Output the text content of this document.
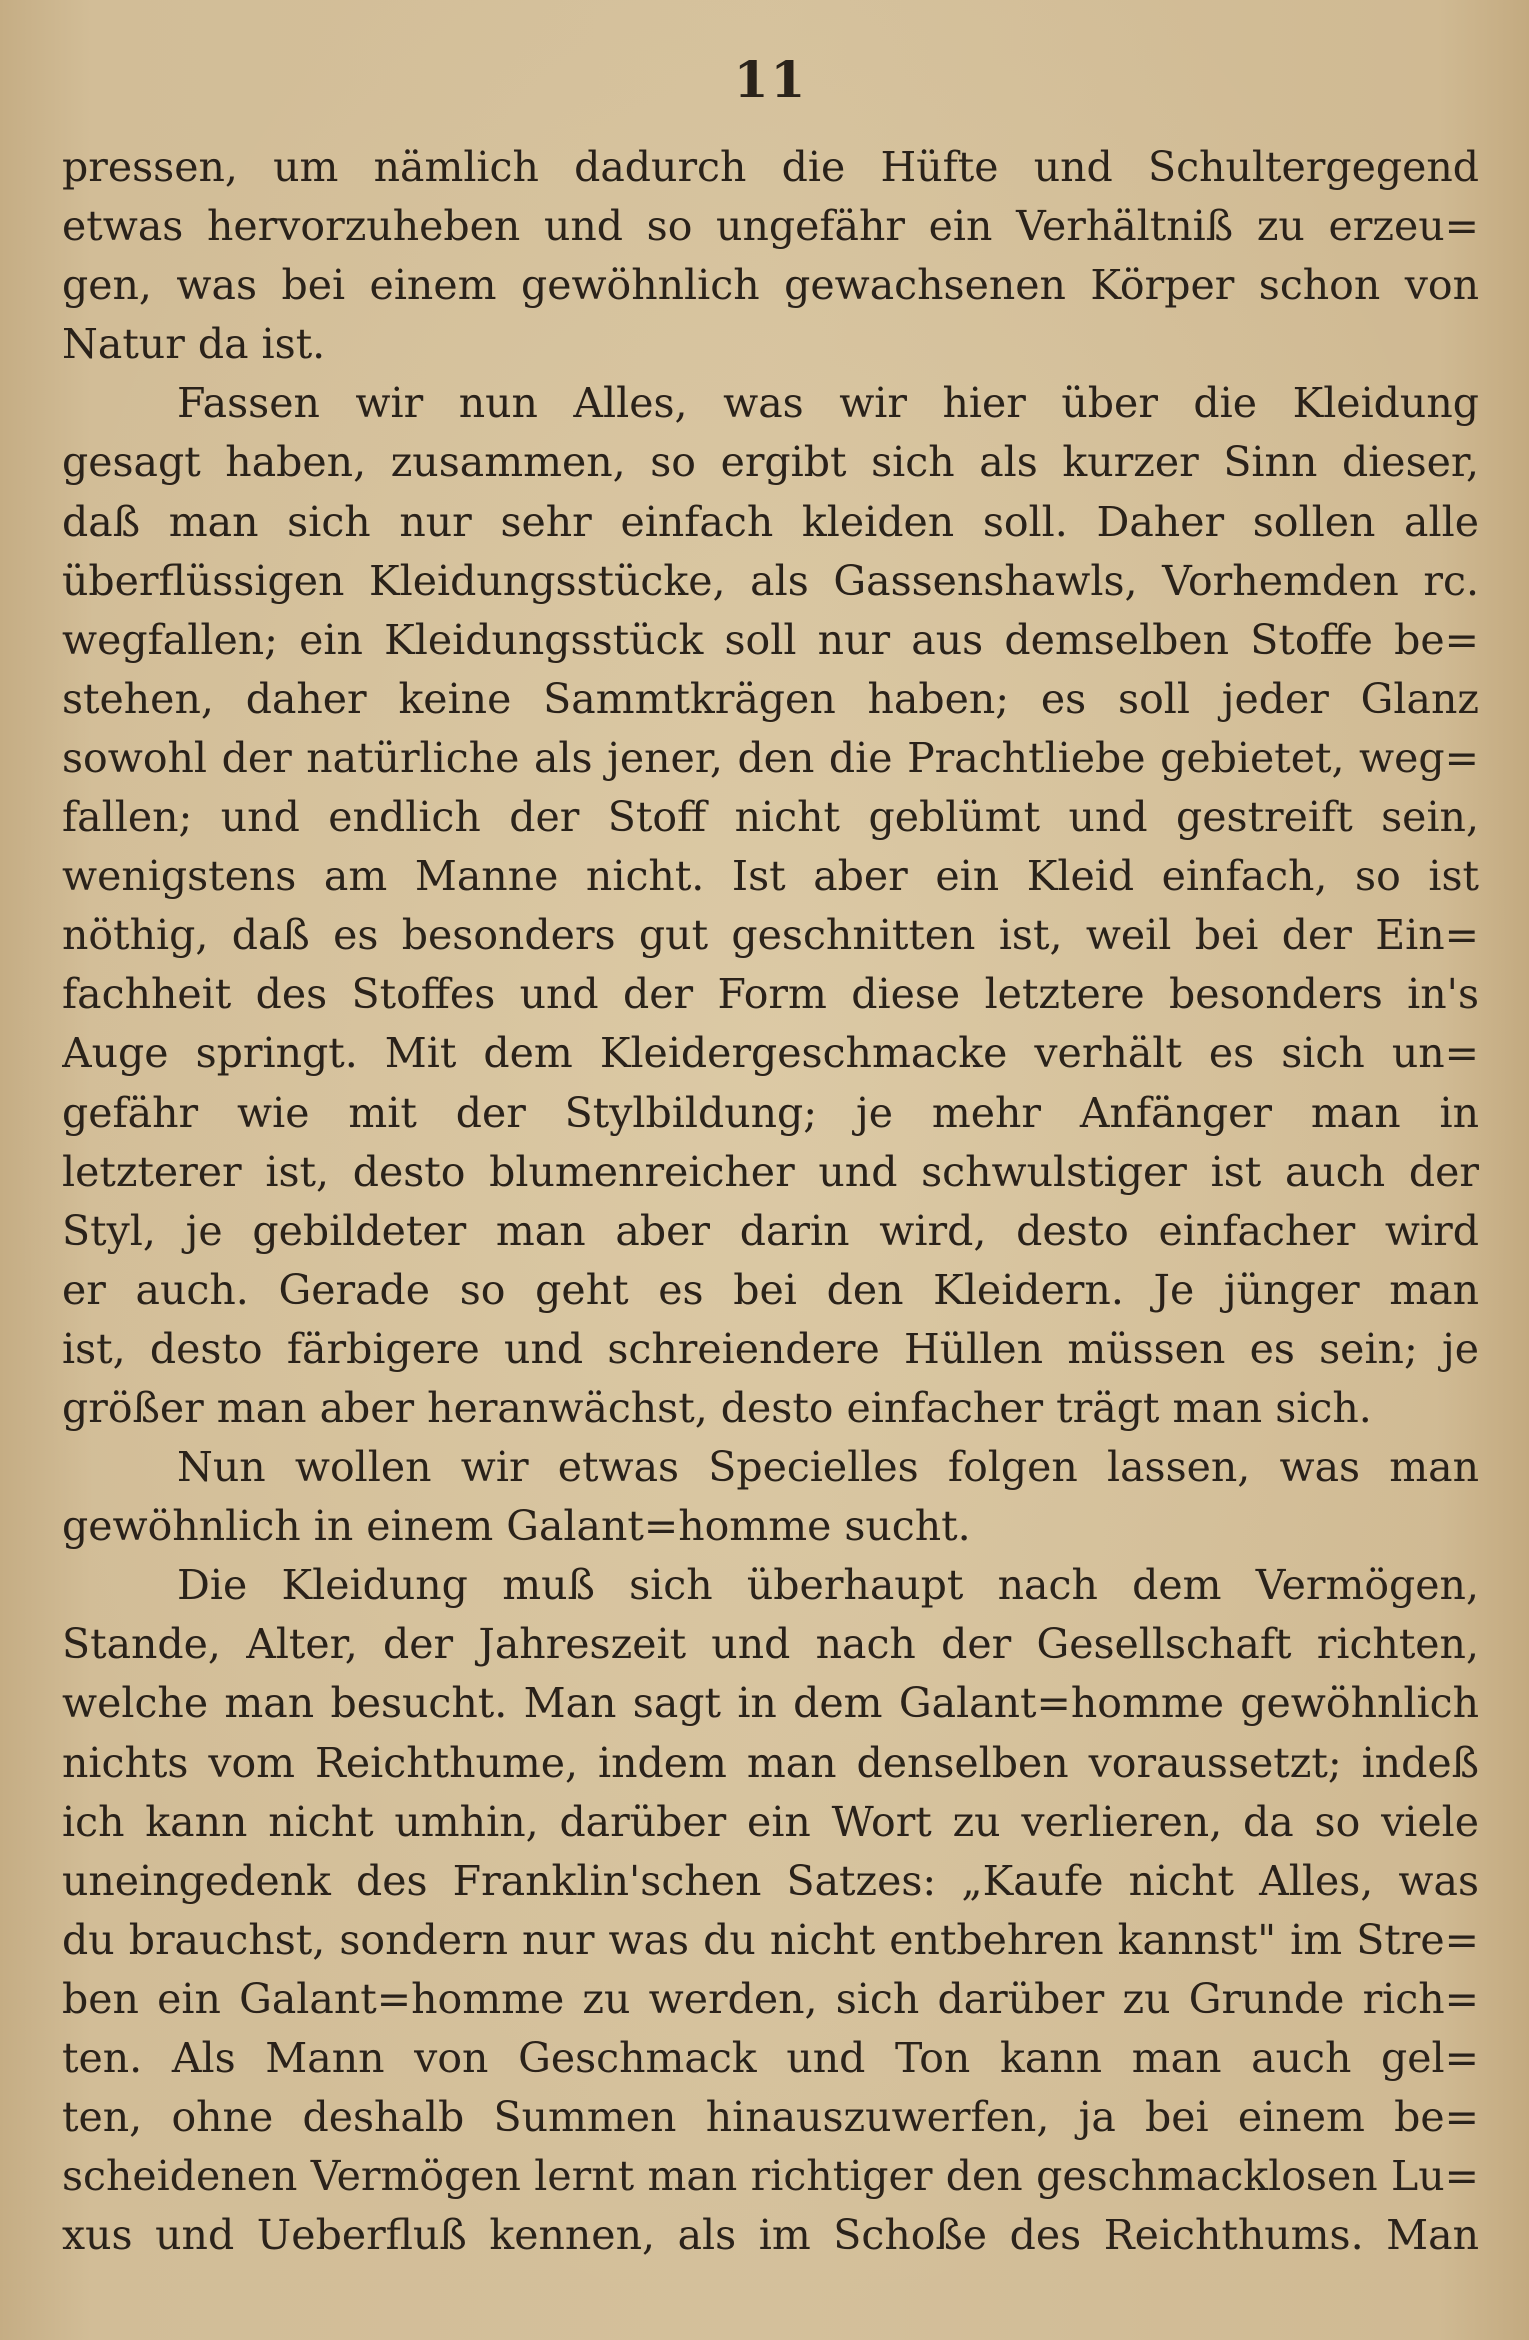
11
pressen, um nämlich dadurch die Hüfte und Schultergegend
etwas hervorzuheben und so ungefähr ein Verhältniß zu erzeu=
gen, was bei einem gewöhnlich gewachsenen Körper schon von
Natur da ist.
Fassen wir nun Alles, was wir hier über die Kleidung
gesagt haben, zusammen, so ergibt sich als kurzer Sinn dieser,
daß man sich nur sehr einfach kleiden soll. Daher sollen alle
überflüssigen Kleidungsstücke, als Gassenshawls, Vorhemden rc.
wegfallen; ein Kleidungsstück soll nur aus demselben Stoffe be=
stehen, daher keine Sammtkrägen haben; es soll jeder Glanz
sowohl der natürliche als jener, den die Prachtliebe gebietet, weg=
fallen; und endlich der Stoff nicht geblümt und gestreift sein,
wenigstens am Manne nicht. Ist aber ein Kleid einfach, so ist
nöthig, daß es besonders gut geschnitten ist, weil bei der Ein=
fachheit des Stoffes und der Form diese letztere besonders in's
Auge springt. Mit dem Kleidergeschmacke verhält es sich un=
gefähr wie mit der Stylbildung; je mehr Anfänger man in
letzterer ist, desto blumenreicher und schwulstiger ist auch der
Styl, je gebildeter man aber darin wird, desto einfacher wird
er auch. Gerade so geht es bei den Kleidern. Je jünger man
ist, desto färbigere und schreiendere Hüllen müssen es sein; je
größer man aber heranwächst, desto einfacher trägt man sich.
Nun wollen wir etwas Specielles folgen lassen, was man
gewöhnlich in einem Galant=homme sucht.
Die Kleidung muß sich überhaupt nach dem Vermögen,
Stande, Alter, der Jahreszeit und nach der Gesellschaft richten,
welche man besucht. Man sagt in dem Galant=homme gewöhnlich
nichts vom Reichthume, indem man denselben voraussetzt; indeß
ich kann nicht umhin, darüber ein Wort zu verlieren, da so viele
uneingedenk des Franklin'schen Satzes: „Kaufe nicht Alles, was
du brauchst, sondern nur was du nicht entbehren kannst" im Stre=
ben ein Galant=homme zu werden, sich darüber zu Grunde rich=
ten. Als Mann von Geschmack und Ton kann man auch gel=
ten, ohne deshalb Summen hinauszuwerfen, ja bei einem be=
scheidenen Vermögen lernt man richtiger den geschmacklosen Lu=
xus und Ueberfluß kennen, als im Schoße des Reichthums. Man
